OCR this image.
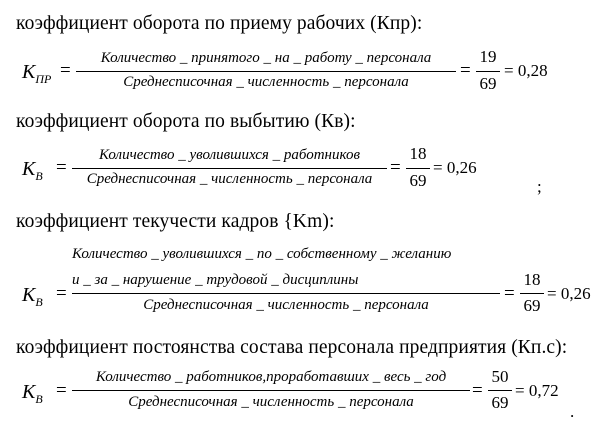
коэффициент оборота по приему рабочих (Кпр):
$K_{ПР}$ =
Количество _ принятого _ на _ работу _ персонала
Среднесписочная _ численность _ персонала
=
19
69
= 0,28
коэффициент оборота по выбытию (Кв):
$K_B$ =
Количество _ уволившихся _ работников
Среднесписочная _ численность _ персонала
=
18
69
= 0,26
;
коэффициент текучести кадров {Km):
$K_B$ =
Количество _ уволившихся _ по _ собственному _ желанию
и _ за _ нарушение _ трудовой _ дисциплины
Среднесписочная _ численность _ персонала
=
18
69
= 0,26
коэффициент постоянства состава персонала предприятия (Кп.с):
$K_B$ =
Количество _ работников,проработавших _ весь _ год
Среднесписочная _ численность _ персонала
=
50
69
= 0,72
.
